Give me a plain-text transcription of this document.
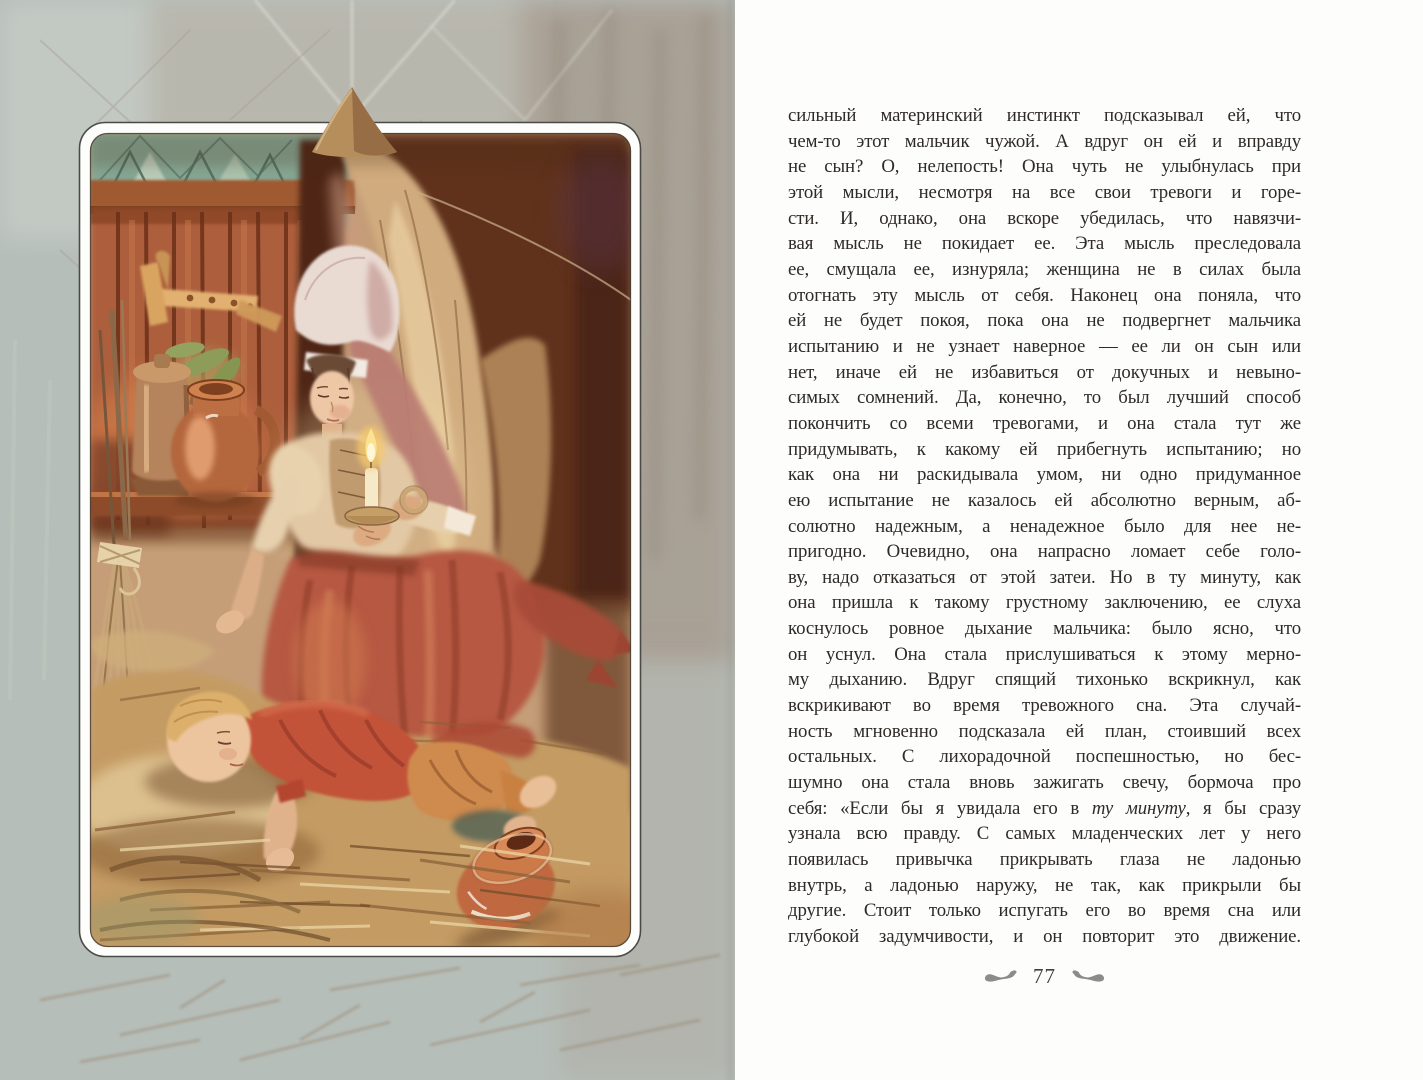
сильный материнский инстинкт подсказывал ей, что
чем-то этот мальчик чужой. А вдруг он ей и вправду
не сын? О, нелепость! Она чуть не улыбнулась при
этой мысли, несмотря на все свои тревоги и горе-
сти. И, однако, она вскоре убедилась, что навязчи-
вая мысль не покидает ее. Эта мысль преследовала
ее, смущала ее, изнуряла; женщина не в силах была
отогнать эту мысль от себя. Наконец она поняла, что
ей не будет покоя, пока она не подвергнет мальчика
испытанию и не узнает наверное — ее ли он сын или
нет, иначе ей не избавиться от докучных и невыно-
симых сомнений. Да, конечно, то был лучший способ
покончить со всеми тревогами, и она стала тут же
придумывать, к какому ей прибегнуть испытанию; но
как она ни раскидывала умом, ни одно придуманное
ею испытание не казалось ей абсолютно верным, аб-
солютно надежным, а ненадежное было для нее не-
пригодно. Очевидно, она напрасно ломает себе голо-
ву, надо отказаться от этой затеи. Но в ту минуту, как
она пришла к такому грустному заключению, ее слуха
коснулось ровное дыхание мальчика: было ясно, что
он уснул. Она стала прислушиваться к этому мерно-
му дыханию. Вдруг спящий тихонько вскрикнул, как
вскрикивают во время тревожного сна. Эта случай-
ность мгновенно подсказала ей план, стоивший всех
остальных. С лихорадочной поспешностью, но бес-
шумно она стала вновь зажигать свечу, бормоча про
себя: «Если бы я увидала его в ту минуту, я бы сразу
узнала всю правду. С самых младенческих лет у него
появилась привычка прикрывать глаза не ладонью
внутрь, а ладонью наружу, не так, как прикрыли бы
другие. Стоит только испугать его во время сна или
глубокой задумчивости, и он повторит это движение.
77
